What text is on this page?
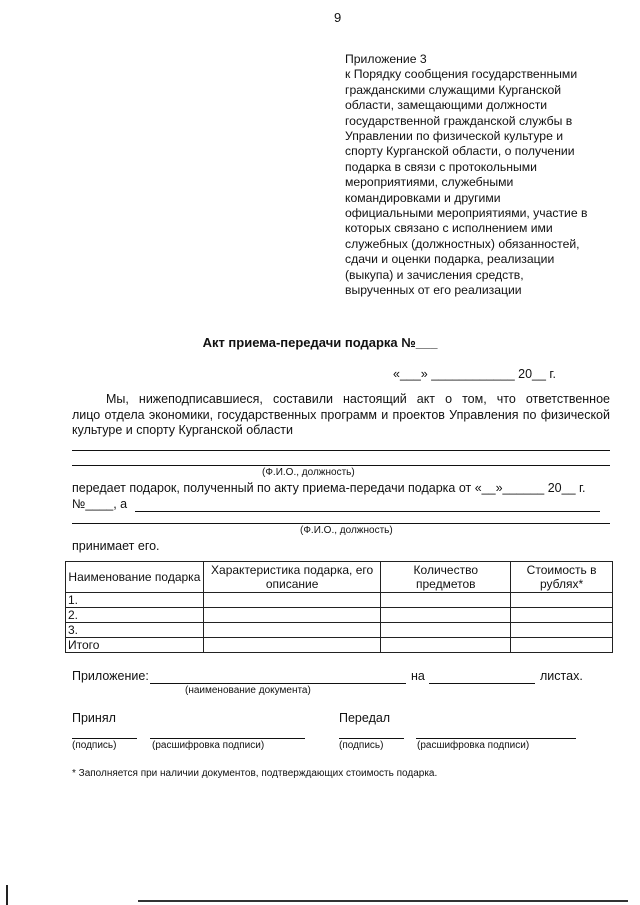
9
Приложение 3
к Порядку сообщения государственными
гражданскими служащими Курганской
области, замещающими должности
государственной гражданской службы в
Управлении по физической культуре и
спорту Курганской области, о получении
подарка в связи с протокольными
мероприятиями, служебными
командировками и другими
официальными мероприятиями, участие в
которых связано с исполнением ими
служебных (должностных) обязанностей,
сдачи и оценки подарка, реализации
(выкупа) и зачисления средств,
вырученных от его реализации
Акт приема-передачи подарка №___
«___» ____________ 20__ г.
Мы, нижеподписавшиеся, составили настоящий акт о том, что ответственное
лицо отдела экономики, государственных программ и проектов Управления по физической культуре и спорту Курганской области
(Ф.И.О., должность)
передает подарок, полученный по акту приема-передачи подарка от «__»______ 20__ г.
№____, а
(Ф.И.О., должность)
принимает его.
Наименование подарка	Характеристика подарка, его описание	Количество предметов	Стоимость в рублях*
1.			
2.			
3.			
Итого			
Приложение:	на	листах.
(наименование документа)
Принял	Передал
(подпись)	(расшифровка подписи)	(подпись)	(расшифровка подписи)
* Заполняется при наличии документов, подтверждающих стоимость подарка.
